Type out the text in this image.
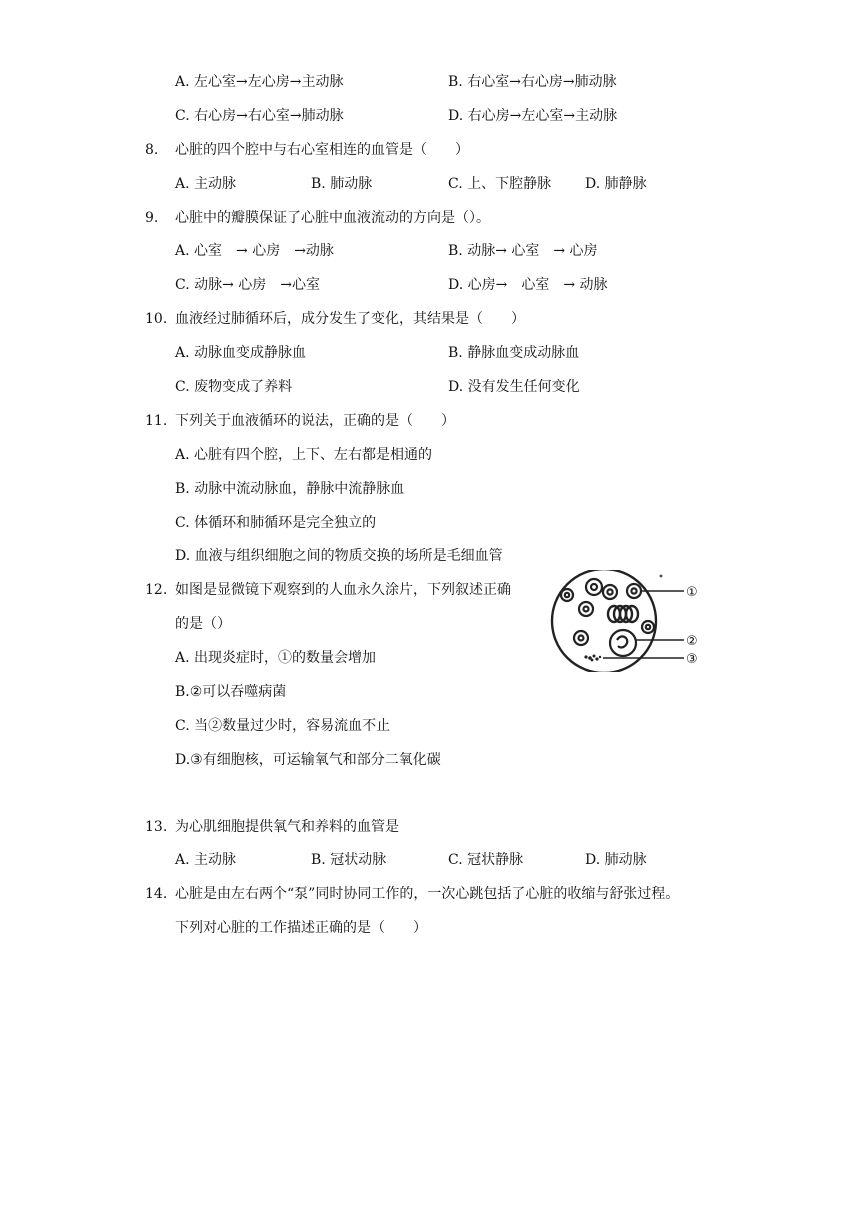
A. 左心室→左心房→主动脉	B. 右心室→右心房→肺动脉
C. 右心房→右心室→肺动脉	D. 右心房→左心室→主动脉
8. 心脏的四个腔中与右心室相连的血管是（　　）
A. 主动脉	B. 肺动脉	C. 上、下腔静脉 D. 肺静脉
9. 心脏中的瓣膜保证了心脏中血液流动的方向是（）。
A. 心室　→ 心房　→动脉	B. 动脉→ 心室　→ 心房
C. 动脉→ 心房　→心室	D. 心房→　心室　→ 动脉
10. 血液经过肺循环后，成分发生了变化，其结果是（　　）
A. 动脉血变成静脉血	B. 静脉血变成动脉血
C. 废物变成了养料	D. 没有发生任何变化
11. 下列关于血液循环的说法，正确的是（　　）
A. 心脏有四个腔，上下、左右都是相通的
B. 动脉中流动脉血，静脉中流静脉血
C. 体循环和肺循环是完全独立的
D. 血液与组织细胞之间的物质交换的场所是毛细血管
12. 如图是显微镜下观察到的人血永久涂片，下列叙述正确
的是（）
A. 出现炎症时，①的数量会增加
B.②可以吞噬病菌
C. 当②数量过少时，容易流血不止
D.③有细胞核，可运输氧气和部分二氧化碳
①
②
③
13. 为心肌细胞提供氧气和养料的血管是
A. 主动脉	B. 冠状动脉	C. 冠状静脉	D. 肺动脉
14. 心脏是由左右两个“泵”同时协同工作的，一次心跳包括了心脏的收缩与舒张过程。
下列对心脏的工作描述正确的是（　　）
